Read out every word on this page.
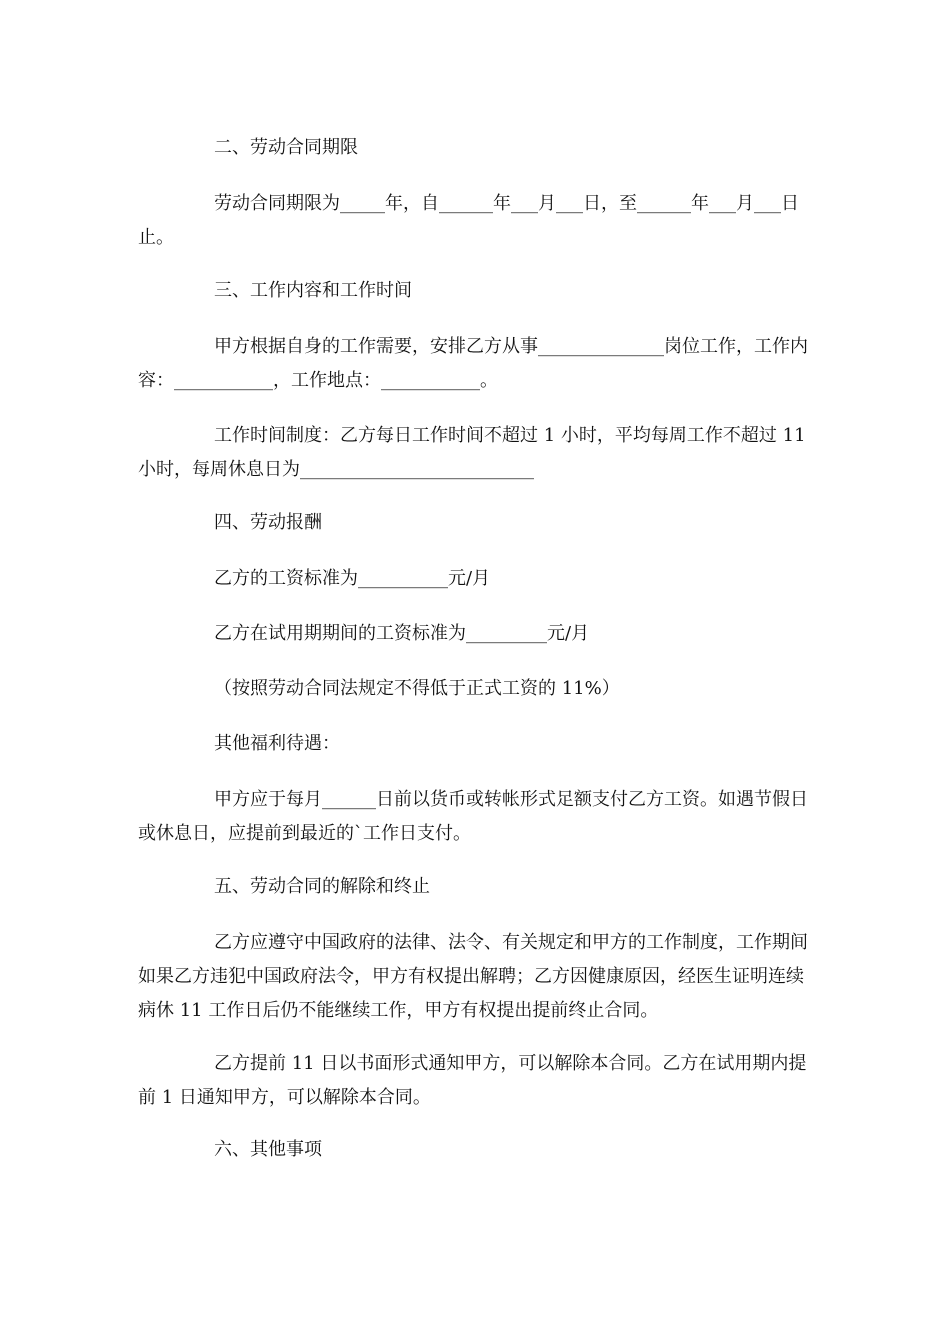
二、劳动合同期限

劳动合同期限为_____年，自______年___月___日，至______年___月___日止。

三、工作内容和工作时间

甲方根据自身的工作需要，安排乙方从事______________岗位工作，工作内容：___________，工作地点：___________。

工作时间制度：乙方每日工作时间不超过 1 小时，平均每周工作不超过 11 小时，每周休息日为__________________________

四、劳动报酬

乙方的工资标准为__________元/月

乙方在试用期期间的工资标准为_________元/月

（按照劳动合同法规定不得低于正式工资的 11%）

其他福利待遇：

甲方应于每月______日前以货币或转帐形式足额支付乙方工资。如遇节假日或休息日，应提前到最近的`工作日支付。

五、劳动合同的解除和终止

乙方应遵守中国政府的法律、法令、有关规定和甲方的工作制度，工作期间如果乙方违犯中国政府法令，甲方有权提出解聘；乙方因健康原因，经医生证明连续病休 11 工作日后仍不能继续工作，甲方有权提出提前终止合同。

乙方提前 11 日以书面形式通知甲方，可以解除本合同。乙方在试用期内提前 1 日通知甲方，可以解除本合同。

六、其他事项
